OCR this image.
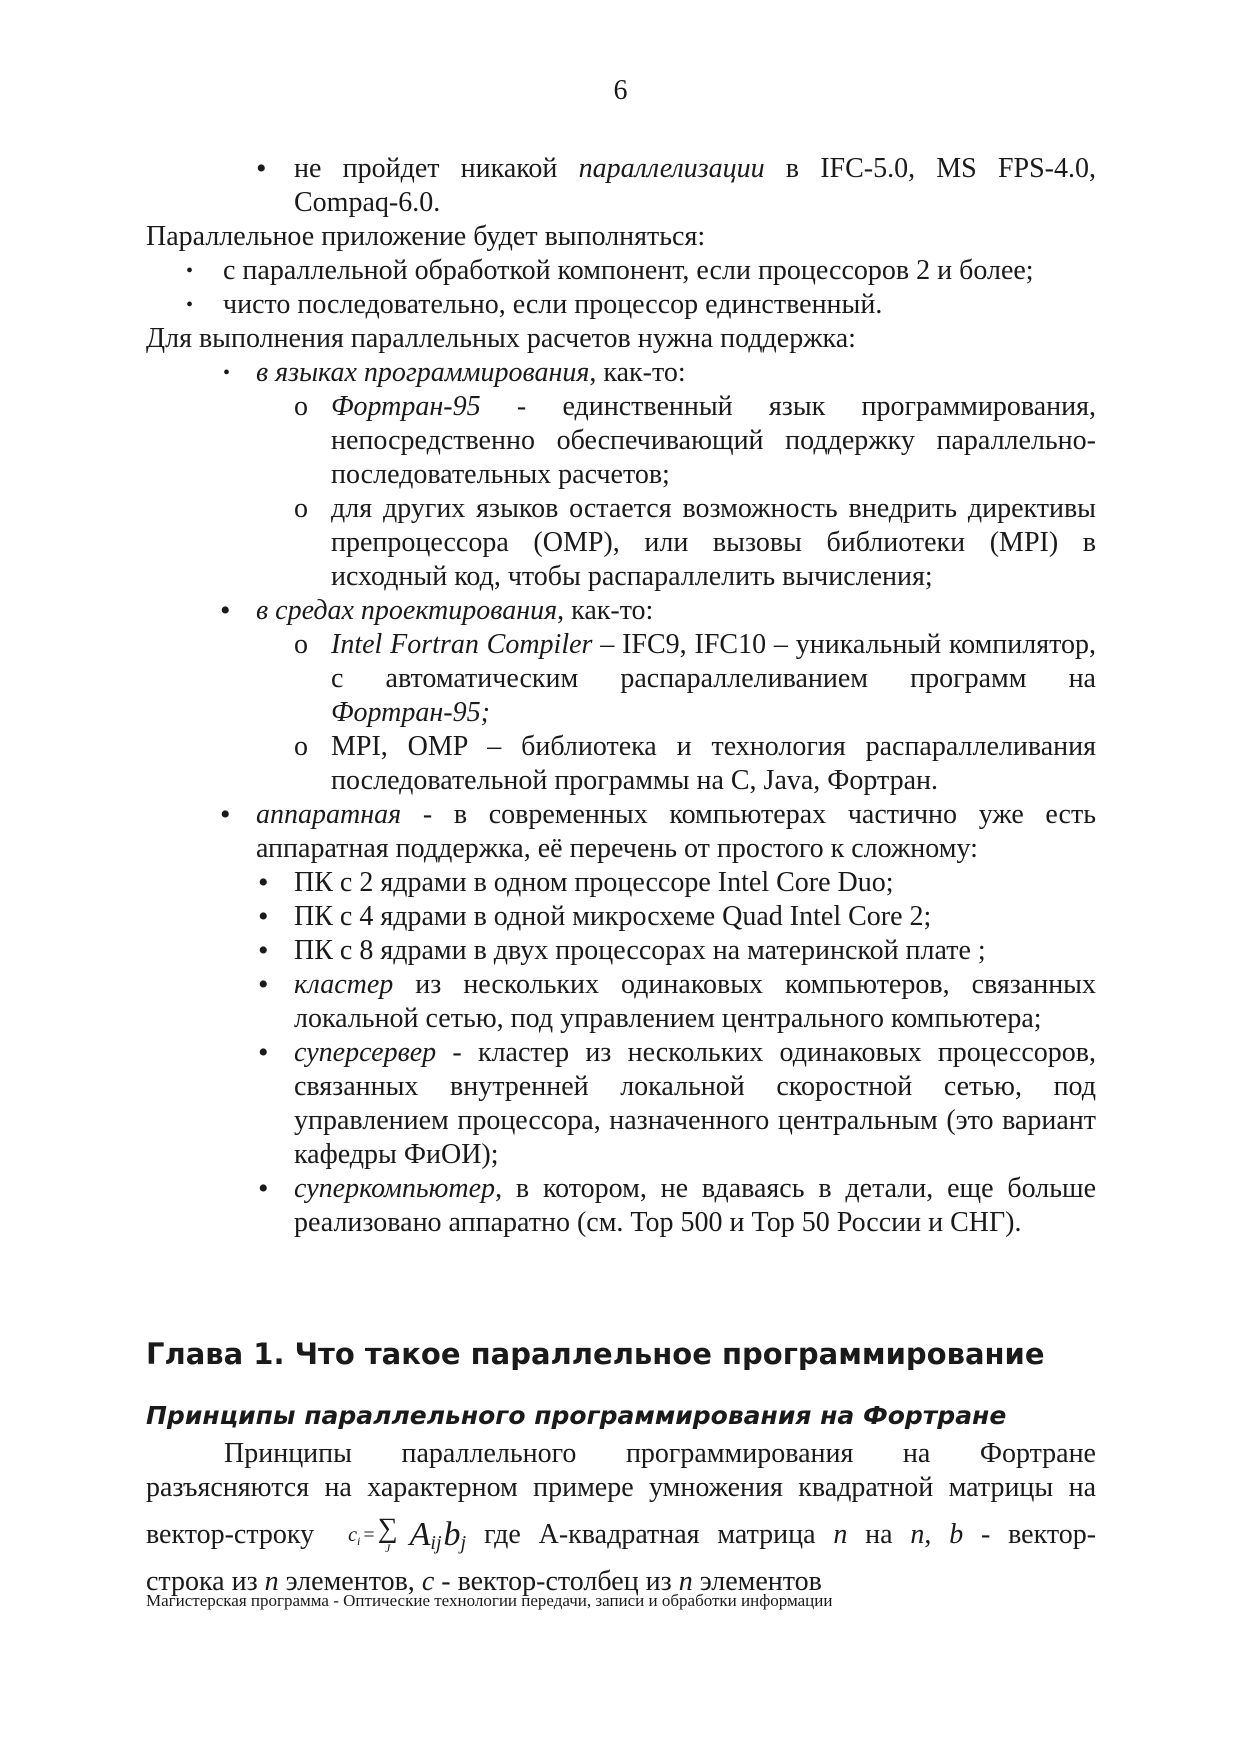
6
• не пройдет никакой параллелизации в IFC-5.0, MS FPS-4.0, Compaq-6.0.

Параллельное приложение будет выполняться:

• с параллельной обработкой компонент, если процессоров 2 и более;
• чисто последовательно, если процессор единственный.

Для выполнения параллельных расчетов нужна поддержка:

• в языках программирования, как-то:
o Фортран-95 - единственный язык программирования, непосредственно обеспечивающий поддержку параллельно-последовательных расчетов;
o для других языков остается возможность внедрить директивы препроцессора (OMP), или вызовы библиотеки (MPI) в исходный код, чтобы распараллелить вычисления;
• в средах проектирования, как-то:
o Intel Fortran Compiler – IFC9, IFC10 – уникальный компилятор, с автоматическим распараллеливанием программ на Фортран-95;
o MPI, OMP – библиотека и технология распараллеливания последовательной программы на С, Java, Фортран.
• аппаратная - в современных компьютерах частично уже есть аппаратная поддержка, её перечень от простого к сложному:
• ПК с 2 ядрами в одном процессоре Intel Core Duo;
• ПК с 4 ядрами в одной микросхеме Quad Intel Core 2;
• ПК с 8 ядрами в двух процессорах на материнской плате ;
• кластер из нескольких одинаковых компьютеров, связанных локальной сетью, под управлением центрального компьютера;
• суперсервер - кластер из нескольких одинаковых процессоров, связанных внутренней локальной скоростной сетью, под управлением процессора, назначенного центральным (это вариант кафедры ФиОИ);
• суперкомпьютер, в котором, не вдаваясь в детали, еще больше реализовано аппаратно (см. Top 500 и Top 50 России и СНГ).
Глава 1. Что такое параллельное программирование
Принципы параллельного программирования на Фортране
Принципы параллельного программирования на Фортране
разъясняются на характерном примере умножения квадратной матрицы на
вектор-строку c i = ∑
J A ij b j где А-квадратная матрица n на n, b - вектор-
строка из n элементов, c - вектор-столбец из n элементов
Магистерская программа - Оптические технологии передачи, записи и обработки информации
